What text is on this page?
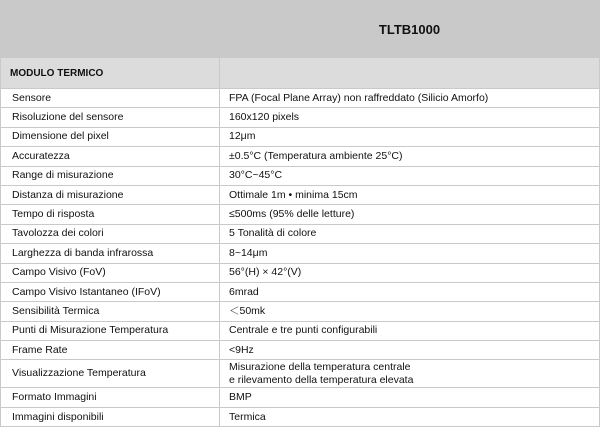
	TLTB1000
MODULO TERMICO	
Sensore	FPA (Focal Plane Array) non raffreddato (Silicio Amorfo)
Risoluzione del sensore	160x120 pixels
Dimensione del pixel	12μm
Accuratezza	±0.5°C (Temperatura ambiente 25°C)
Range di misurazione	30°C~45°C
Distanza di misurazione	Ottimale 1m • minima 15cm
Tempo di risposta	≤500ms (95% delle letture)
Tavolozza dei colori	5 Tonalità di colore
Larghezza di banda infrarossa	8~14μm
Campo Visivo (FoV)	56°(H) × 42°(V)
Campo Visivo Istantaneo (IFoV)	6mrad
Sensibilità Termica	＜50mk
Punti di Misurazione Temperatura	Centrale e tre punti configurabili
Frame Rate	<9Hz
Visualizzazione Temperatura	Misurazione della temperatura centrale
e rilevamento della temperatura elevata

Formato Immagini	BMP
Immagini disponibili	Termica
